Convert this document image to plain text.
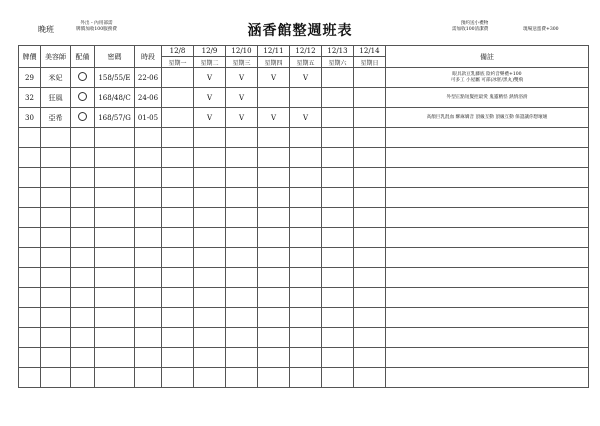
晚班
外出・內用部需
牌價加收100服務費	涵香館整週班表	預約送小禮物
需加收100清潔費	現場送蛋費+300
牌價	美容師	配備	密碼	時段	12/8	12/9	12/10	12/11	12/12	12/13	12/14	備註
					星期一	星期二	星期三	星期四	星期五	星期六	星期日	
29	米妃		158/55/E	22-06		V	V	V	V			眼具款豆乳藤底 陰約音樂禮+100
可多工 小屋屬 可部(冰胚/黑丸)雙飛

32	狂風		168/48/C	24-06		V	V					外型正點短髮控最愛 鬼靈精怪 熱情浴滑

30	亞希		168/57/G	01-05		V	V	V	V			高顏巨乳混血 酥麻嬌音 頂級互動 頂級互動 保證讓你想壞壞
